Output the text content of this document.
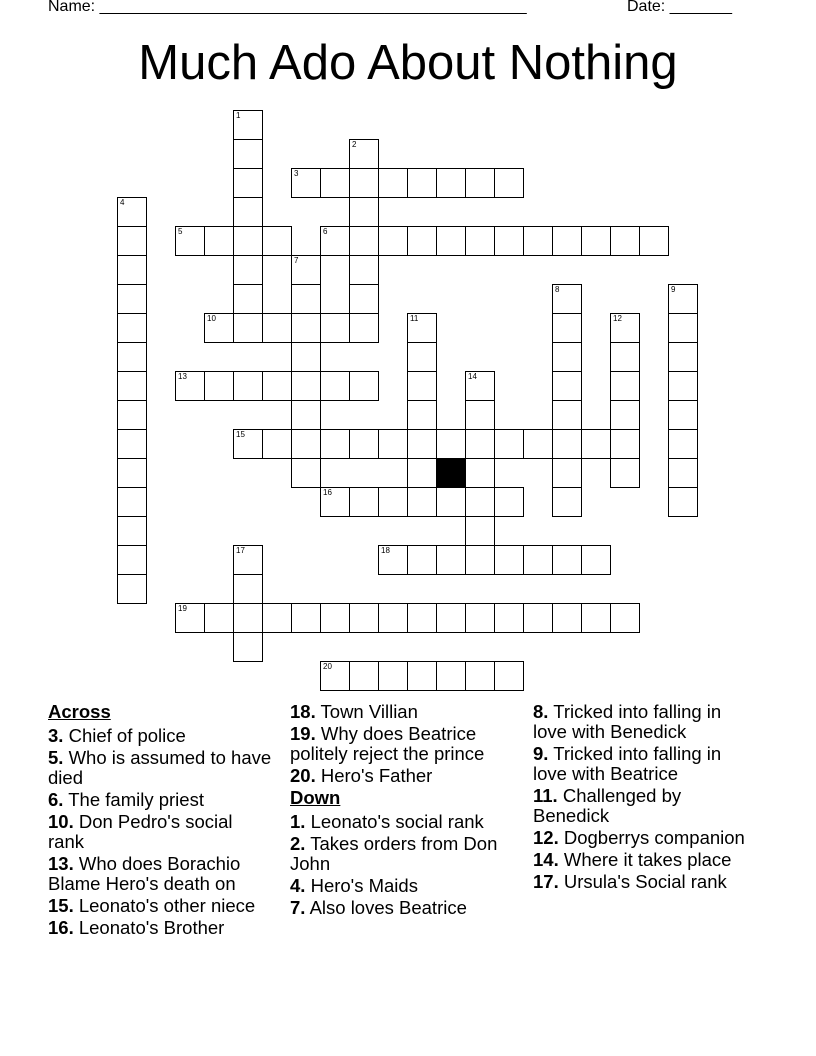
Name: ________________________________________________	Date: _______
Much Ado About Nothing
3
5	6
10
13
15
16
18
19
20
1
2
4
7
8	9
11	12
14
17
Across
3. Chief of police
5. Who is assumed to have died
6. The family priest
10. Don Pedro's social rank
13. Who does Borachio Blame Hero's death on
15. Leonato's other niece
16. Leonato's Brother
18. Town Villian
19. Why does Beatrice politely reject the prince
20. Hero's Father
Down
1. Leonato's social rank
2. Takes orders from Don John
4. Hero's Maids
7. Also loves Beatrice
8. Tricked into falling in love with Benedick
9. Tricked into falling in love with Beatrice
11. Challenged by Benedick
12. Dogberrys companion
14. Where it takes place
17. Ursula's Social rank
